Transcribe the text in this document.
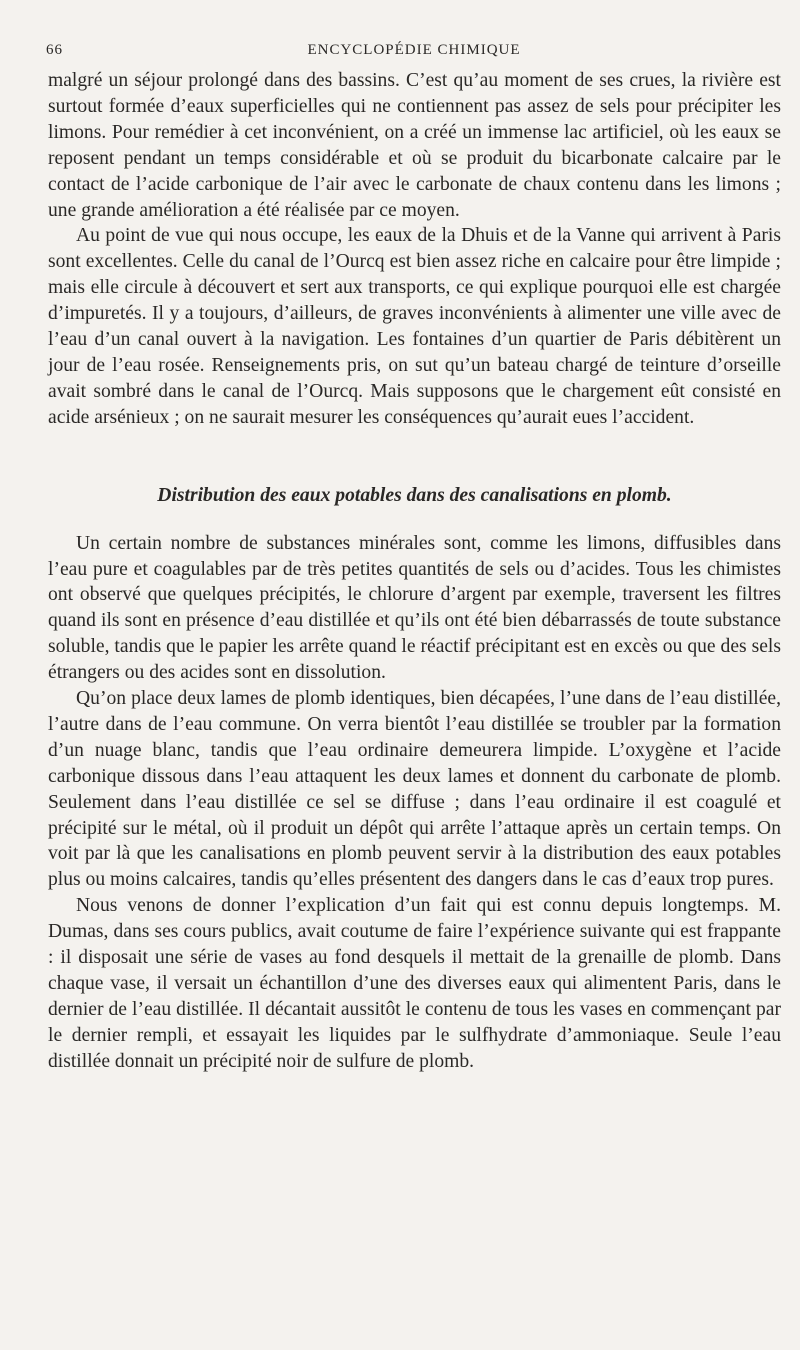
66	ENCYCLOPÉDIE CHIMIQUE

malgré un séjour prolongé dans des bassins. C’est qu’au moment de ses crues, la rivière est surtout formée d’eaux superficielles qui ne contiennent pas assez de sels pour précipiter les limons. Pour remédier à cet inconvénient, on a créé un immense lac artificiel, où les eaux se reposent pendant un temps considérable et où se produit du bicarbonate calcaire par le contact de l’acide carbonique de l’air avec le carbonate de chaux contenu dans les limons ; une grande amélioration a été réalisée par ce moyen.

Au point de vue qui nous occupe, les eaux de la Dhuis et de la Vanne qui arrivent à Paris sont excellentes. Celle du canal de l’Ourcq est bien assez riche en calcaire pour être limpide ; mais elle circule à découvert et sert aux transports, ce qui explique pourquoi elle est chargée d’impuretés. Il y a toujours, d’ailleurs, de graves inconvénients à alimenter une ville avec de l’eau d’un canal ouvert à la navigation. Les fontaines d’un quartier de Paris débitèrent un jour de l’eau rosée. Renseignements pris, on sut qu’un bateau chargé de teinture d’orseille avait sombré dans le canal de l’Ourcq. Mais supposons que le chargement eût consisté en acide arsénieux ; on ne saurait mesurer les conséquences qu’aurait eues l’accident.

Distribution des eaux potables dans des canalisations en plomb.

Un certain nombre de substances minérales sont, comme les limons, diffusibles dans l’eau pure et coagulables par de très petites quantités de sels ou d’acides. Tous les chimistes ont observé que quelques précipités, le chlorure d’argent par exemple, traversent les filtres quand ils sont en présence d’eau distillée et qu’ils ont été bien débarrassés de toute substance soluble, tandis que le papier les arrête quand le réactif précipitant est en excès ou que des sels étrangers ou des acides sont en dissolution.

Qu’on place deux lames de plomb identiques, bien décapées, l’une dans de l’eau distillée, l’autre dans de l’eau commune. On verra bientôt l’eau distillée se troubler par la formation d’un nuage blanc, tandis que l’eau ordinaire demeurera limpide. L’oxygène et l’acide carbonique dissous dans l’eau attaquent les deux lames et donnent du carbonate de plomb. Seulement dans l’eau distillée ce sel se diffuse ; dans l’eau ordinaire il est coagulé et précipité sur le métal, où il produit un dépôt qui arrête l’attaque après un certain temps. On voit par là que les canalisations en plomb peuvent servir à la distribution des eaux potables plus ou moins calcaires, tandis qu’elles présentent des dangers dans le cas d’eaux trop pures.

Nous venons de donner l’explication d’un fait qui est connu depuis longtemps. M. Dumas, dans ses cours publics, avait coutume de faire l’expérience suivante qui est frappante : il disposait une série de vases au fond desquels il mettait de la grenaille de plomb. Dans chaque vase, il versait un échantillon d’une des diverses eaux qui alimentent Paris, dans le dernier de l’eau distillée. Il décantait aussitôt le contenu de tous les vases en commençant par le dernier rempli, et essayait les liquides par le sulfhydrate d’ammoniaque. Seule l’eau distillée donnait un précipité noir de sulfure de plomb.
